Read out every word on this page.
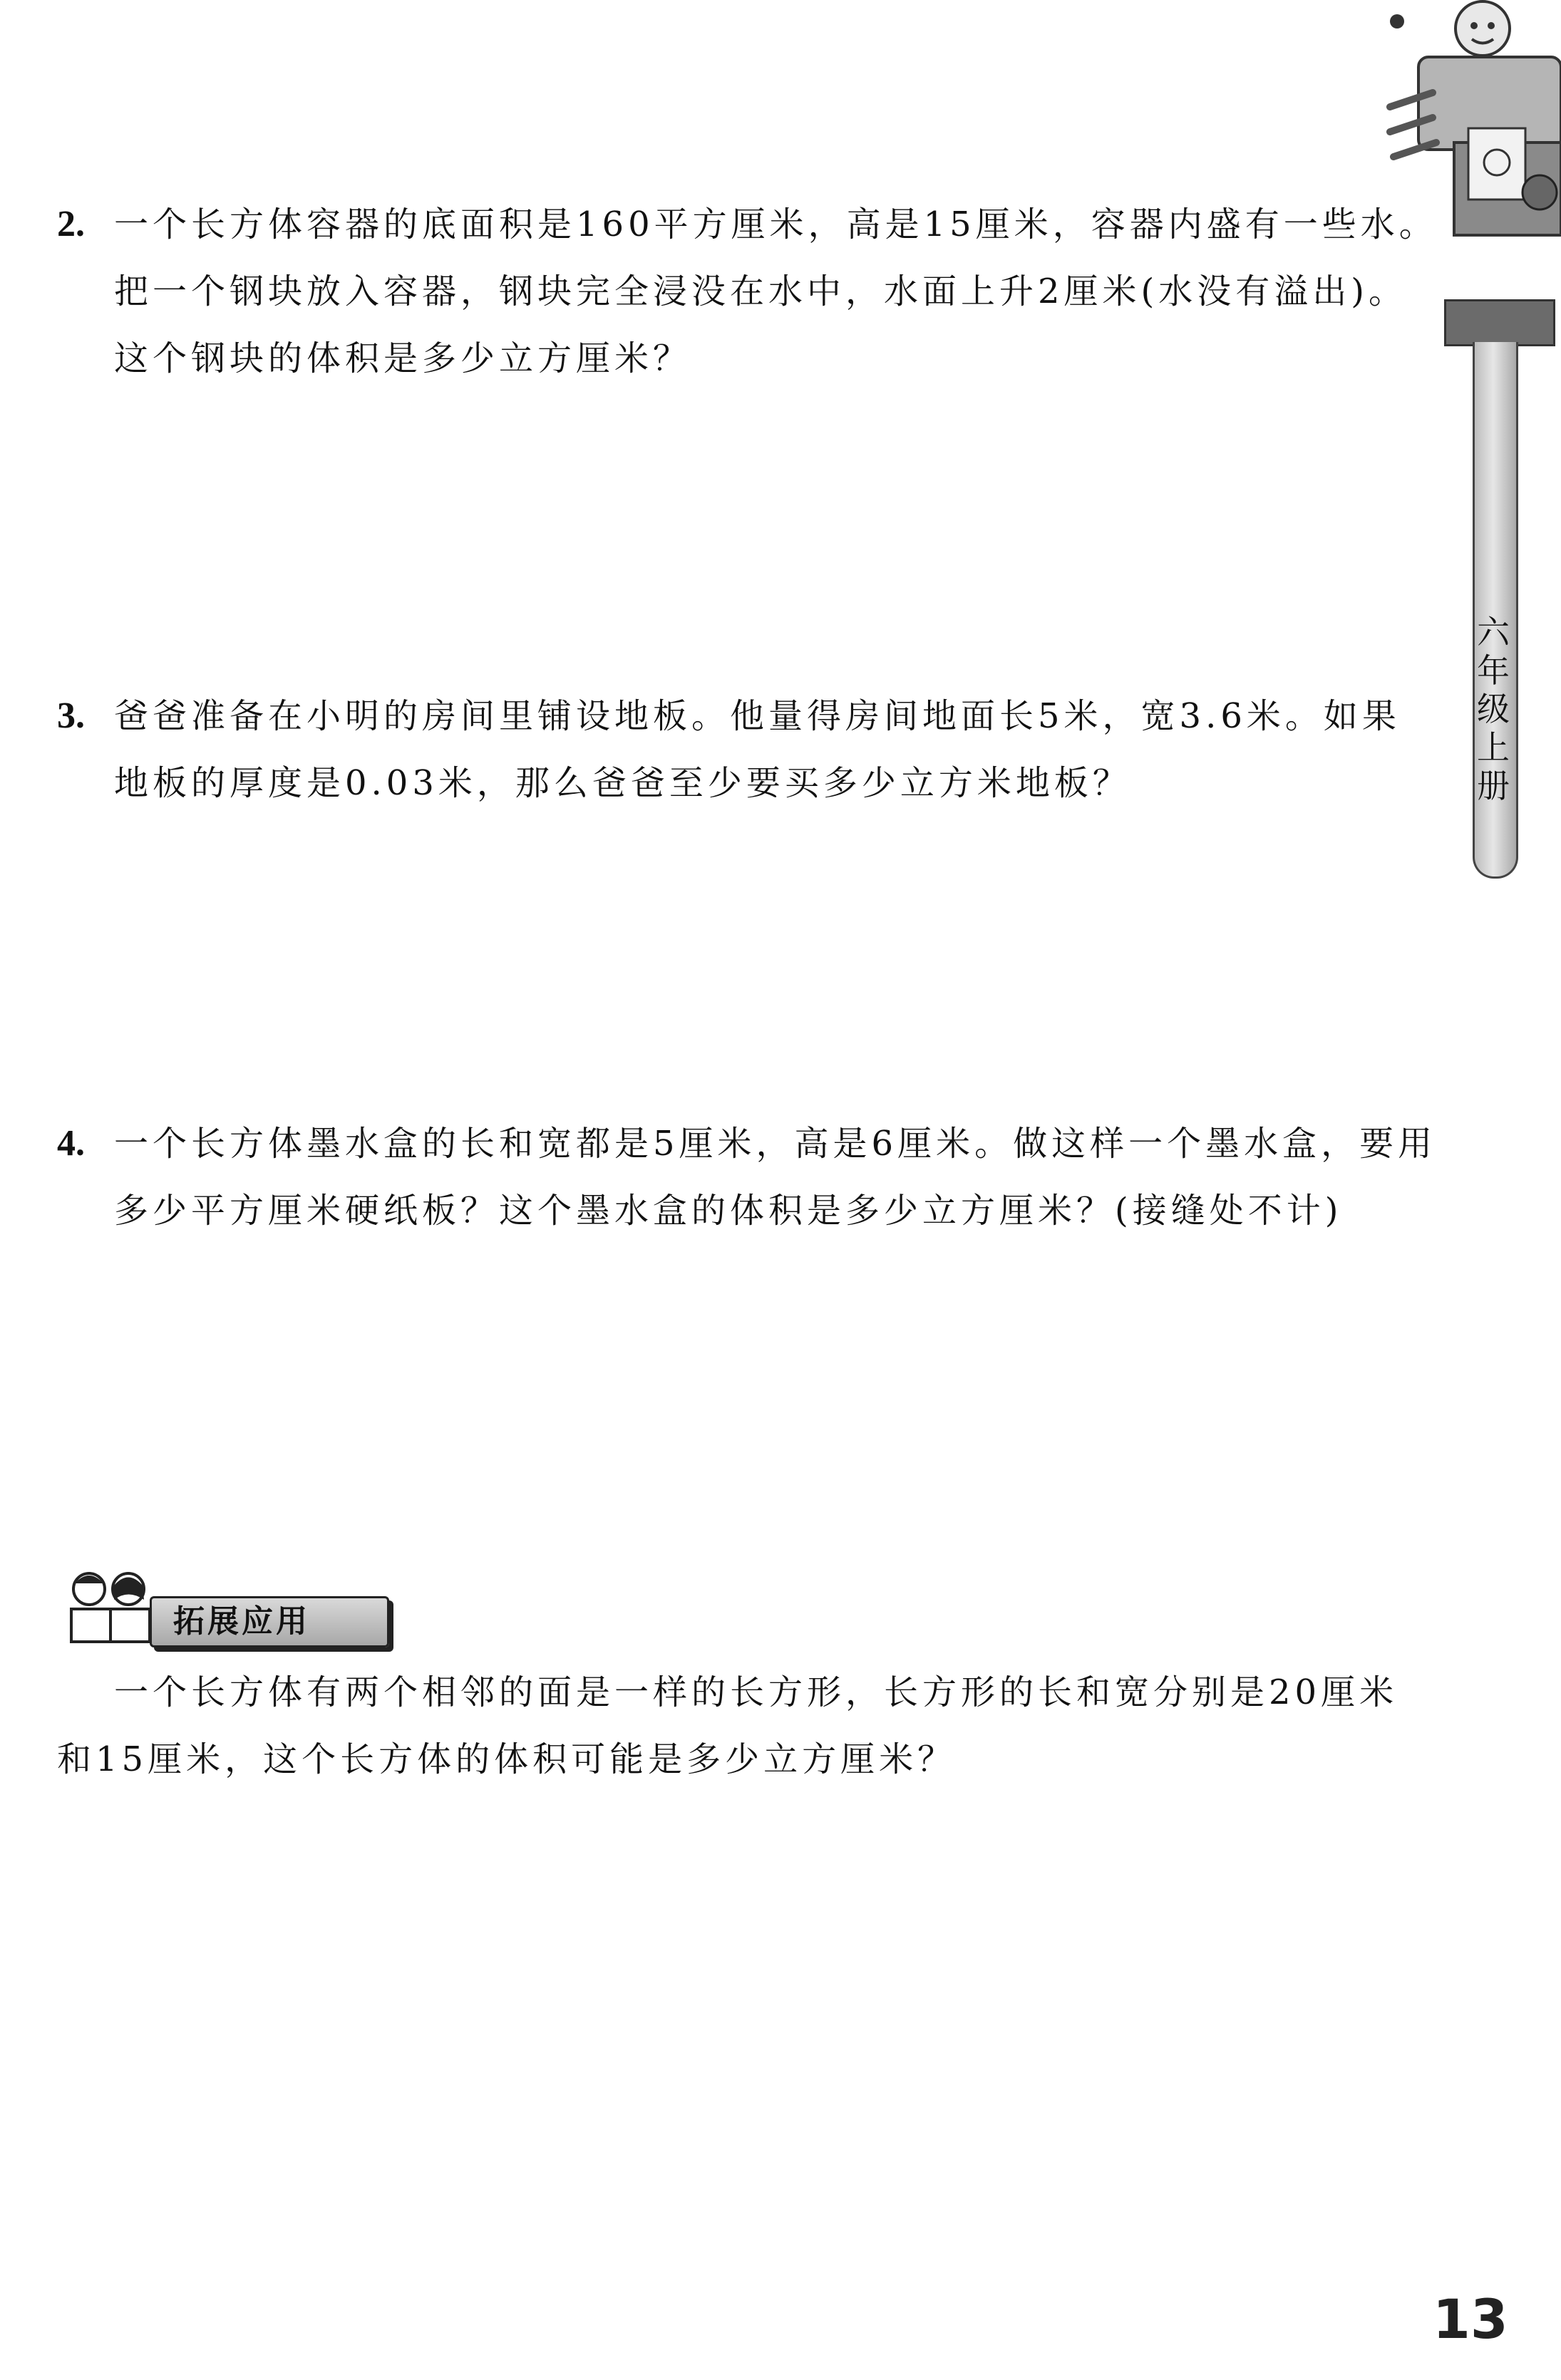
六
年
级
上
册
2. 一个长方体容器的底面积是160平方厘米，高是15厘米，容器内盛有一些水。
把一个钢块放入容器，钢块完全浸没在水中，水面上升2厘米(水没有溢出)。
这个钢块的体积是多少立方厘米？
3. 爸爸准备在小明的房间里铺设地板。他量得房间地面长5米，宽3.6米。如果
地板的厚度是0.03米，那么爸爸至少要买多少立方米地板？
4. 一个长方体墨水盒的长和宽都是5厘米，高是6厘米。做这样一个墨水盒，要用
多少平方厘米硬纸板？这个墨水盒的体积是多少立方厘米？(接缝处不计)
拓展应用
一个长方体有两个相邻的面是一样的长方形，长方形的长和宽分别是20厘米
和15厘米，这个长方体的体积可能是多少立方厘米？
13
